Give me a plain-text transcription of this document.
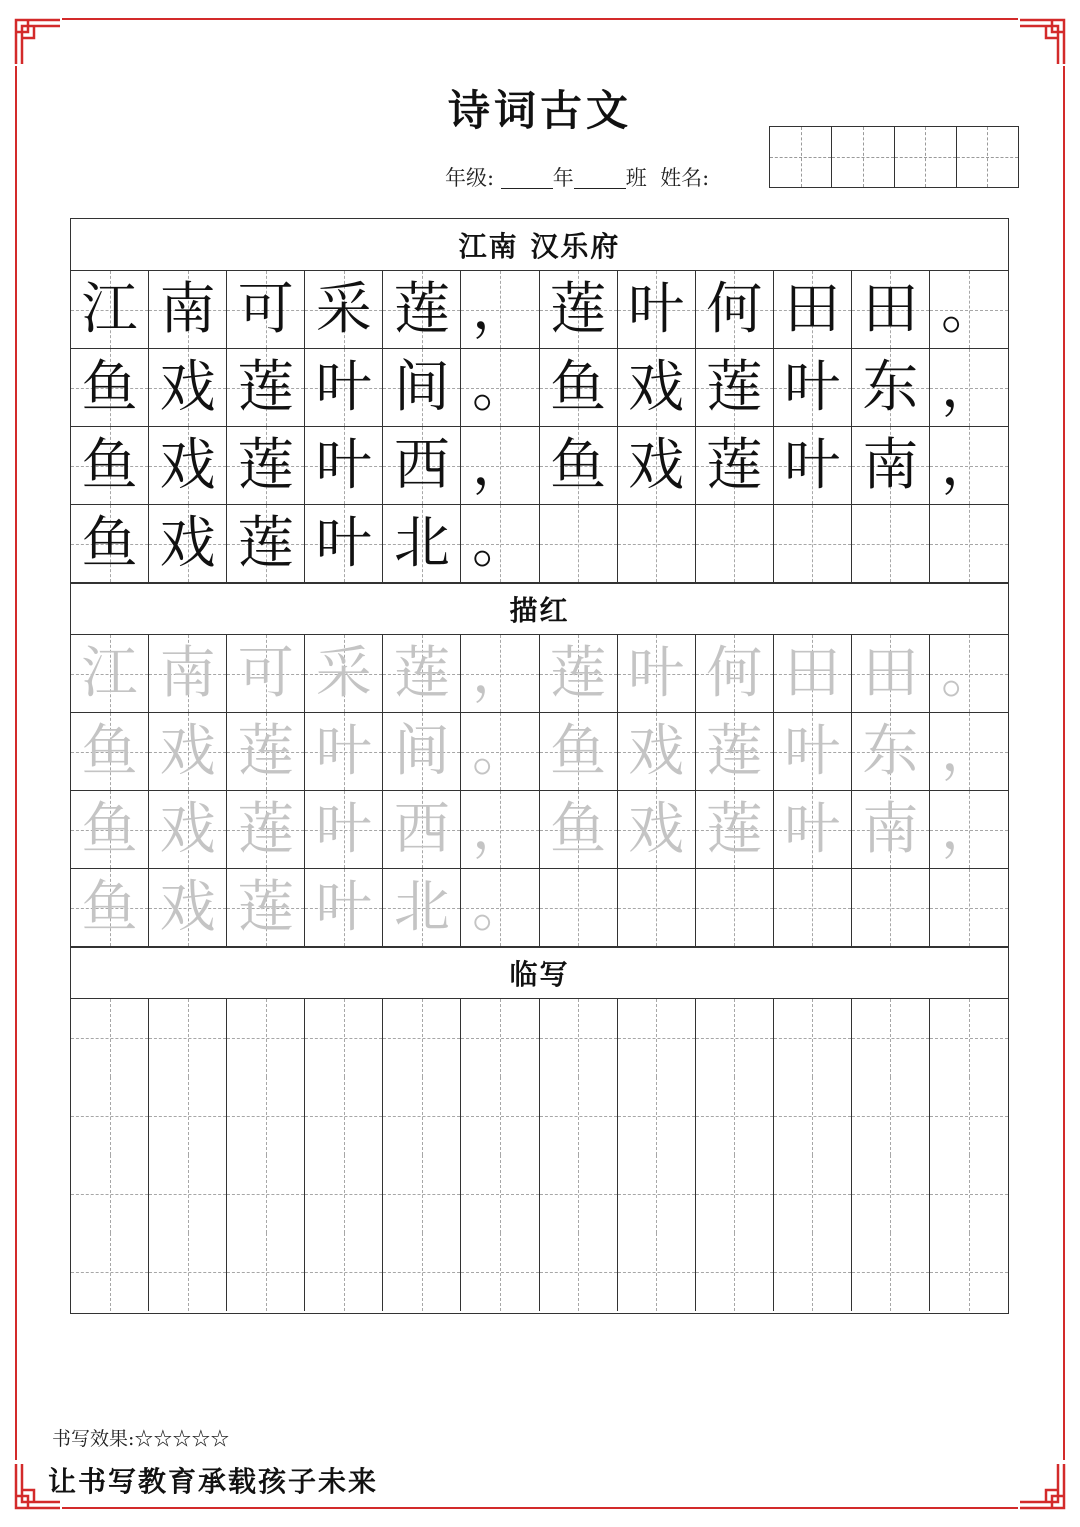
诗词古文
年级:	年 班 姓名:
江南 汉乐府
江 南 可 采 莲 ， 莲 叶 何 田 田 。
鱼 戏 莲 叶 间 。 鱼 戏 莲 叶 东 ，
鱼 戏 莲 叶 西 ， 鱼 戏 莲 叶 南 ，
鱼 戏 莲 叶 北 。
描红
江 南 可 采 莲 ， 莲 叶 何 田 田 。
鱼 戏 莲 叶 间 。 鱼 戏 莲 叶 东 ，
鱼 戏 莲 叶 西 ， 鱼 戏 莲 叶 南 ，
鱼 戏 莲 叶 北 。
临写
书写效果:☆☆☆☆☆
让书写教育承载孩子未来
